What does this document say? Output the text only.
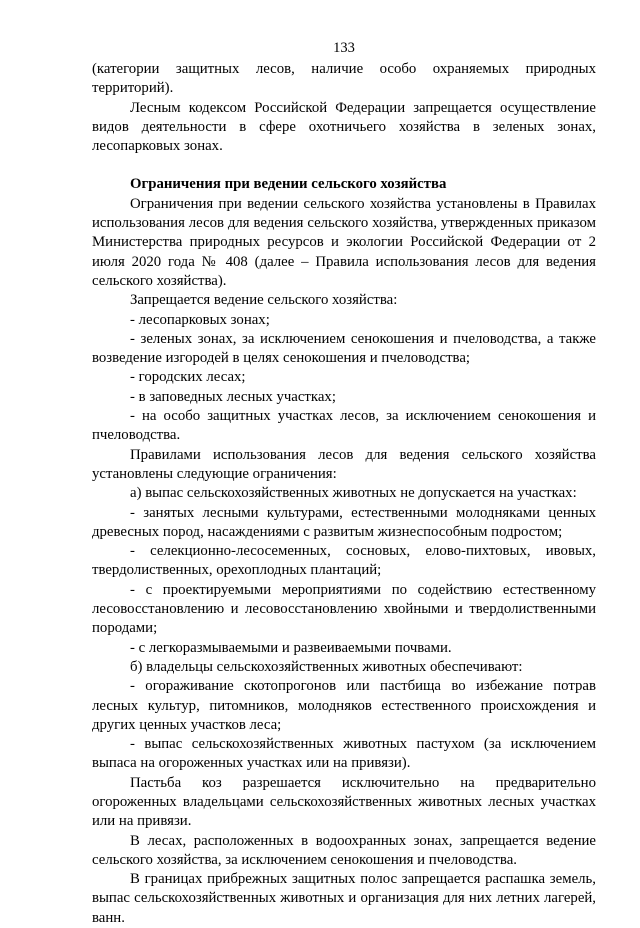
133

(категории защитных лесов, наличие особо охраняемых природных территорий).

Лесным кодексом Российской Федерации запрещается осуществление видов деятельности в сфере охотничьего хозяйства в зеленых зонах, лесопарковых зонах.

Ограничения при ведении сельского хозяйства

Ограничения при ведении сельского хозяйства установлены в Правилах использования лесов для ведения сельского хозяйства, утвержденных приказом Министерства природных ресурсов и экологии Российской Федерации от 2 июля 2020 года № 408 (далее – Правила использования лесов для ведения сельского хозяйства).

Запрещается ведение сельского хозяйства:

- лесопарковых зонах;

- зеленых зонах, за исключением сенокошения и пчеловодства, а также возведение изгородей в целях сенокошения и пчеловодства;

- городских лесах;

- в заповедных лесных участках;

- на особо защитных участках лесов, за исключением сенокошения и пчеловодства.

Правилами использования лесов для ведения сельского хозяйства установлены следующие ограничения:

а) выпас сельскохозяйственных животных не допускается на участках:

- занятых лесными культурами, естественными молодняками ценных древесных пород, насаждениями с развитым жизнеспособным подростом;

- селекционно-лесосеменных, сосновых, елово-пихтовых, ивовых, твердолиственных, орехоплодных плантаций;

- с проектируемыми мероприятиями по содействию естественному лесовосстановлению и лесовосстановлению хвойными и твердолиственными породами;

- с легкоразмываемыми и развеиваемыми почвами.

б) владельцы сельскохозяйственных животных обеспечивают:

- огораживание скотопрогонов или пастбища во избежание потрав лесных культур, питомников, молодняков естественного происхождения и других ценных участков леса;

- выпас сельскохозяйственных животных пастухом (за исключением выпаса на огороженных участках или на привязи).

Пастьба коз разрешается исключительно на предварительно огороженных владельцами сельскохозяйственных животных лесных участках или на привязи.

В лесах, расположенных в водоохранных зонах, запрещается ведение сельского хозяйства, за исключением сенокошения и пчеловодства.

В границах прибрежных защитных полос запрещается распашка земель, выпас сельскохозяйственных животных и организация для них летних лагерей, ванн.
